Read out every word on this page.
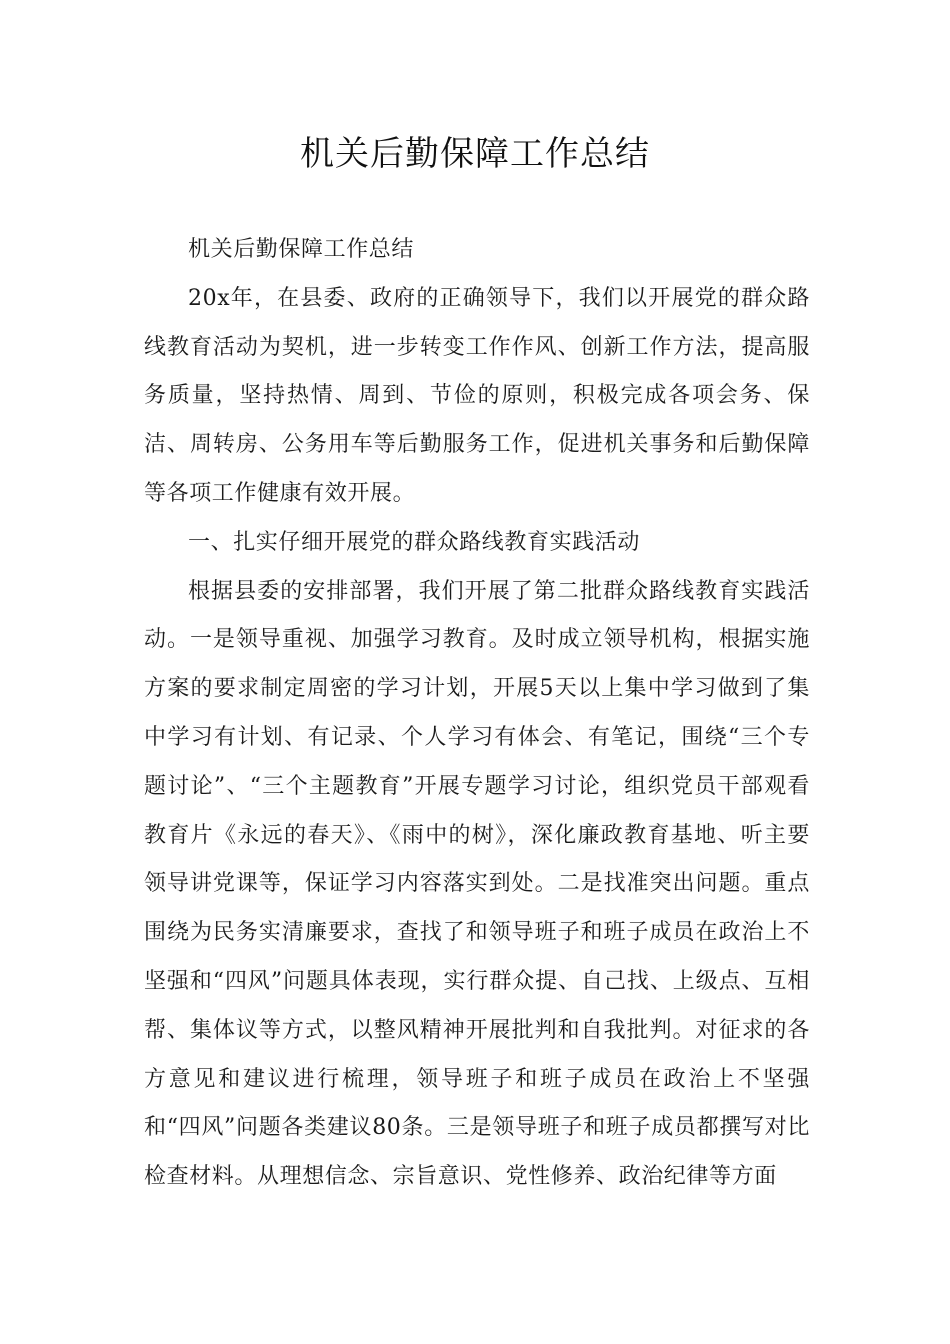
机关后勤保障工作总结

机关后勤保障工作总结

20x年，在县委、政府的正确领导下，我们以开展党的群众路线教育活动为契机，进一步转变工作作风、创新工作方法，提高服务质量，坚持热情、周到、节俭的原则，积极完成各项会务、保洁、周转房、公务用车等后勤服务工作，促进机关事务和后勤保障等各项工作健康有效开展。

一、扎实仔细开展党的群众路线教育实践活动

根据县委的安排部署，我们开展了第二批群众路线教育实践活动。一是领导重视、加强学习教育。及时成立领导机构，根据实施方案的要求制定周密的学习计划，开展5天以上集中学习做到了集中学习有计划、有记录、个人学习有体会、有笔记，围绕“三个专题讨论”、“三个主题教育”开展专题学习讨论，组织党员干部观看教育片《永远的春天》、《雨中的树》，深化廉政教育基地、听主要领导讲党课等，保证学习内容落实到处。二是找准突出问题。重点围绕为民务实清廉要求，查找了和领导班子和班子成员在政治上不坚强和“四风”问题具体表现，实行群众提、自己找、上级点、互相帮、集体议等方式，以整风精神开展批判和自我批判。对征求的各方意见和建议进行梳理，领导班子和班子成员在政治上不坚强和“四风”问题各类建议80条。三是领导班子和班子成员都撰写对比检查材料。从理想信念、宗旨意识、党性修养、政治纪律等方面
